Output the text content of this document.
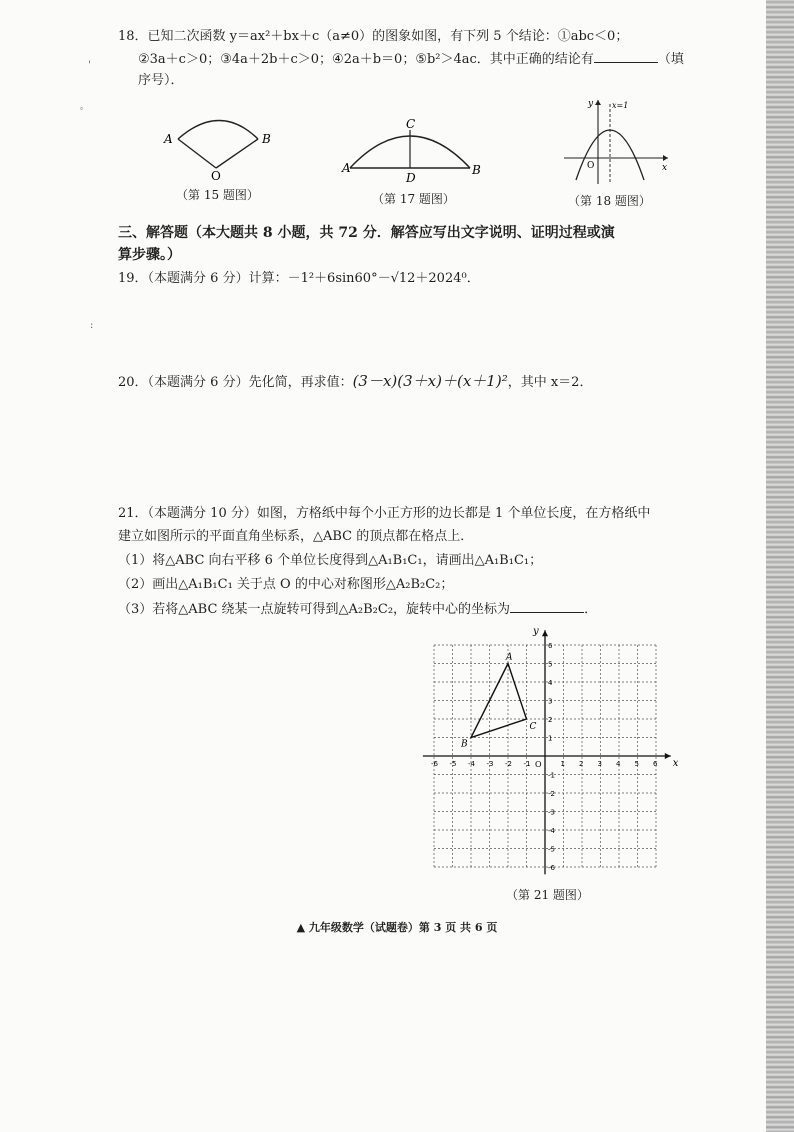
18．已知二次函数 y＝ax²＋bx＋c（a≠0）的图象如图，有下列 5 个结论：①abc＜0；
②3a＋c＞0；③4a＋2b＋c＞0；④2a＋b＝0；⑤b²＞4ac．其中正确的结论有	（填
序号）．
A	B
O
（第 15 题图）
A	B
C
D
（第 17 题图）
y
x
O
x=1
（第 18 题图）
三、解答题（本大题共 8 小题，共 72 分．解答应写出文字说明、证明过程或演
算步骤。）
19．（本题满分 6 分）计算：－1²＋6sin60°－√12＋2024⁰．
20．（本题满分 6 分）先化简，再求值：(3－x)(3＋x)＋(x＋1)²，其中 x＝2．
21．（本题满分 10 分）如图，方格纸中每个小正方形的边长都是 1 个单位长度，在方格纸中
建立如图所示的平面直角坐标系，△ABC 的顶点都在格点上．
（1）将△ABC 向右平移 6 个单位长度得到△A₁B₁C₁，请画出△A₁B₁C₁；
（2）画出△A₁B₁C₁ 关于点 O 的中心对称图形△A₂B₂C₂；
（3）若将△ABC 绕某一点旋转可得到△A₂B₂C₂，旋转中心的坐标为	．
x
y
O
-6 -5 -4 -3 -2 -1	1 2 3 4 5 6
6
5
4
3
2
1
-1
-2
-3
-4
-5
-6
A
B
C
（第 21 题图）
▲ 九年级数学（试题卷）第 3 页 共 6 页
'
ﾟ
:
